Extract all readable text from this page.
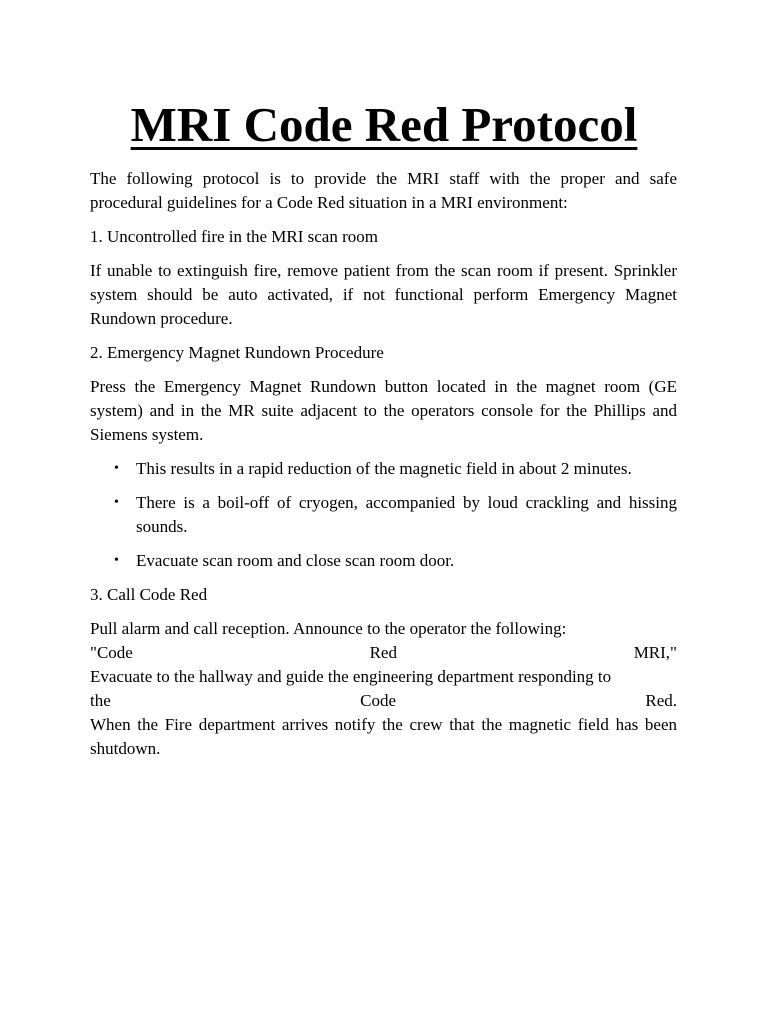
MRI Code Red Protocol

The following protocol is to provide the MRI staff with the proper and safe procedural guidelines for a Code Red situation in a MRI environment:

1. Uncontrolled fire in the MRI scan room

If unable to extinguish fire, remove patient from the scan room if present. Sprinkler system should be auto activated, if not functional perform Emergency Magnet Rundown procedure.

2. Emergency Magnet Rundown Procedure

Press the Emergency Magnet Rundown button located in the magnet room (GE system) and in the MR suite adjacent to the operators console for the Phillips and Siemens system.

• This results in a rapid reduction of the magnetic field in about 2 minutes.
• There is a boil-off of cryogen, accompanied by loud crackling and hissing sounds.
• Evacuate scan room and close scan room door.

3. Call Code Red

Pull alarm and call reception. Announce to the operator the following:
"Code	Red	MRI,"
Evacuate to the hallway and guide the engineering department responding to
the	Code	Red.
When the Fire department arrives notify the crew that the magnetic field has been shutdown.
